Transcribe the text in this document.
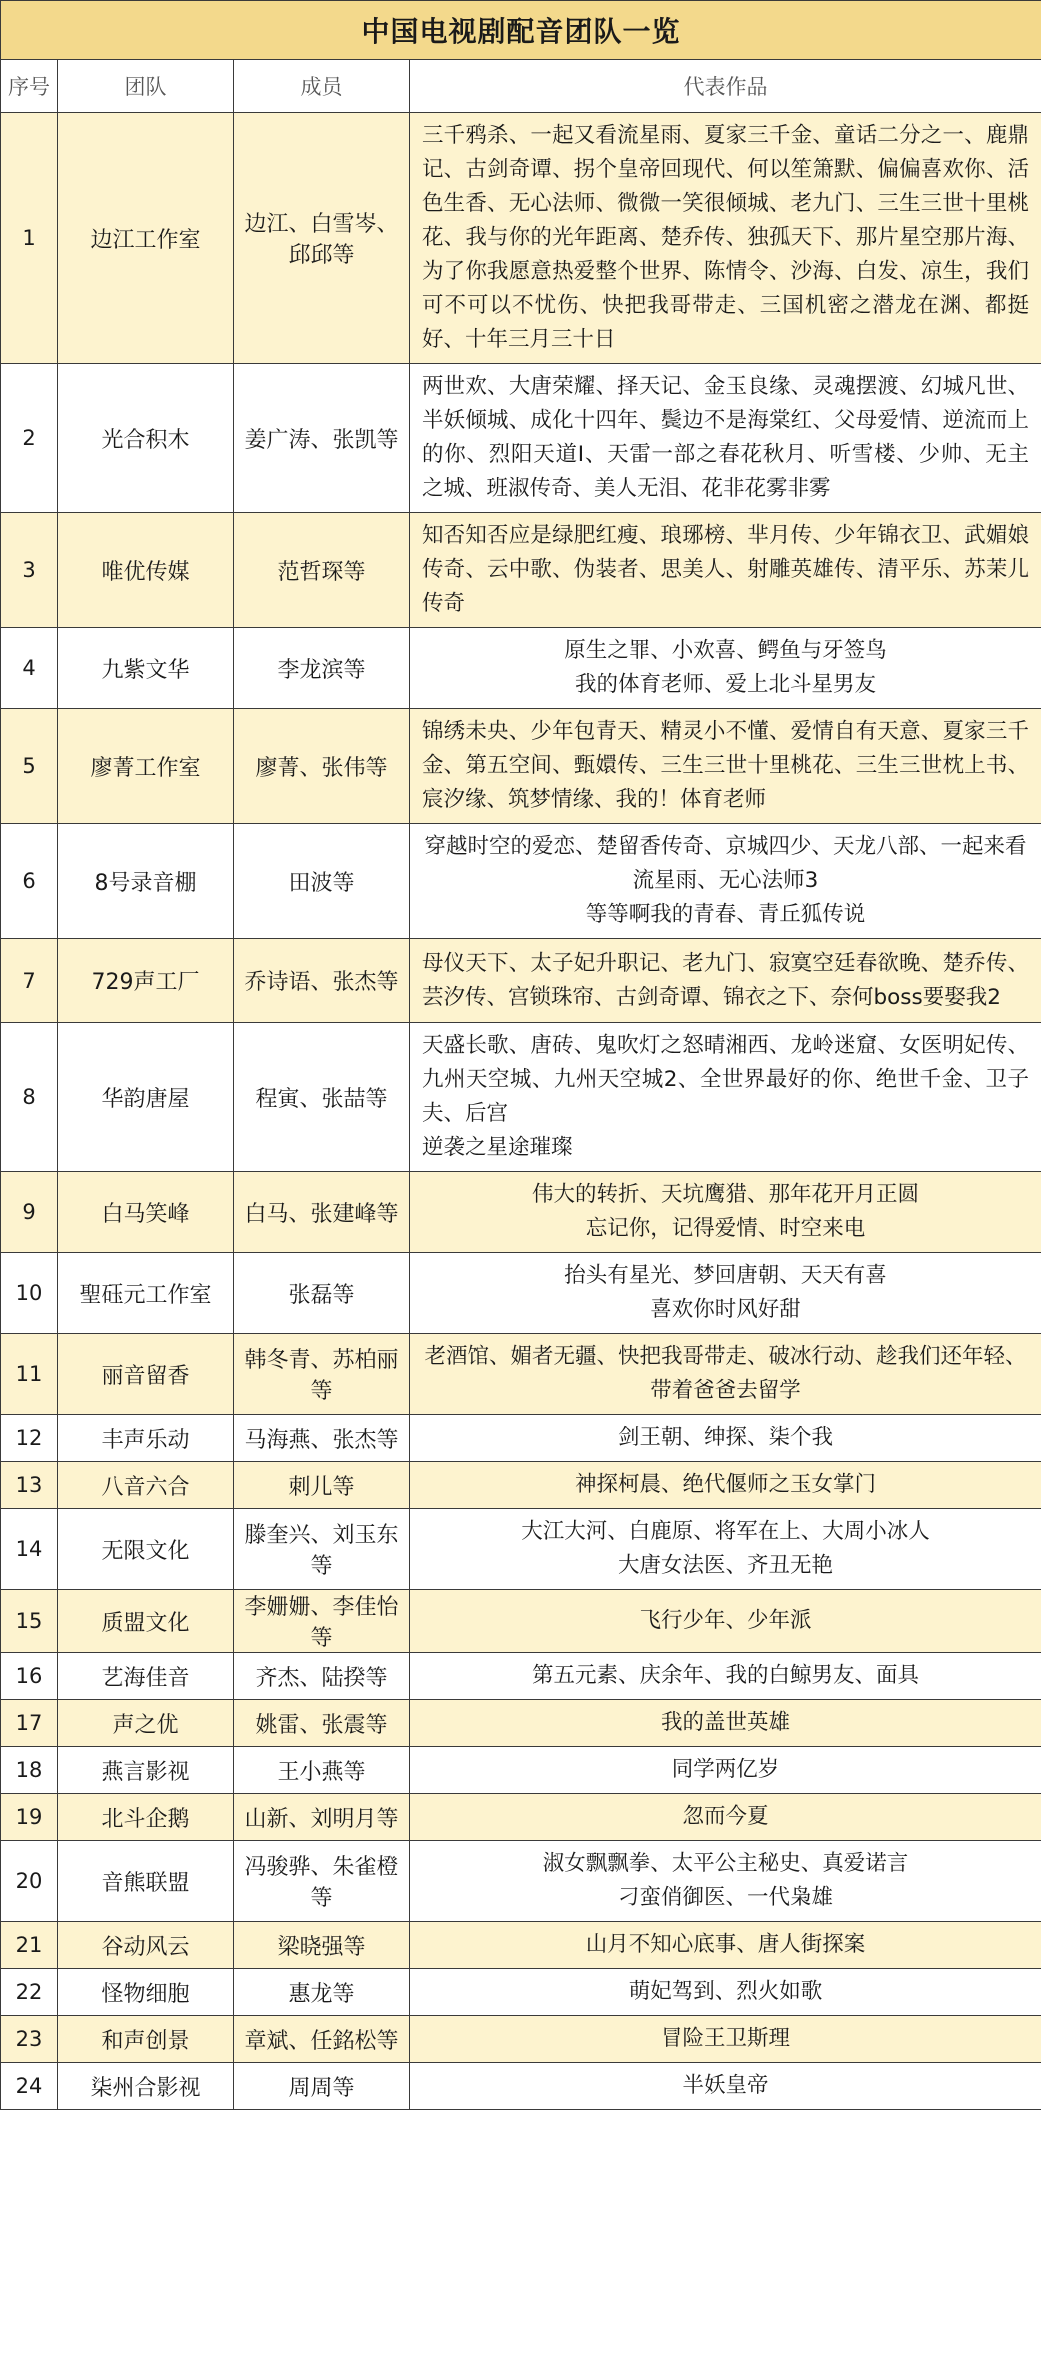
中国电视剧配音团队一览			
序号	团队	成员	代表作品
1	边江工作室	边江、白雪岑、邱邱等	三千鸦杀、一起又看流星雨、夏家三千金、童话二分之一、鹿鼎记、古剑奇谭、拐个皇帝回现代、何以笙箫默、偏偏喜欢你、活色生香、无心法师、微微一笑很倾城、老九门、三生三世十里桃花、我与你的光年距离、楚乔传、独孤天下、那片星空那片海、为了你我愿意热爱整个世界、陈情令、沙海、白发、凉生，我们可不可以不忧伤、快把我哥带走、三国机密之潜龙在渊、都挺好、十年三月三十日
2	光合积木	姜广涛、张凯等	两世欢、大唐荣耀、择天记、金玉良缘、灵魂摆渡、幻城凡世、半妖倾城、成化十四年、鬓边不是海棠红、父母爱情、逆流而上的你、烈阳天道Ⅰ、天雷一部之春花秋月、听雪楼、少帅、无主之城、班淑传奇、美人无泪、花非花雾非雾
3	唯优传媒	范哲琛等	知否知否应是绿肥红瘦、琅琊榜、芈月传、少年锦衣卫、武媚娘传奇、云中歌、伪装者、思美人、射雕英雄传、清平乐、苏茉儿传奇
4	九紫文华	李龙滨等	原生之罪、小欢喜、鳄鱼与牙签鸟
我的体育老师、爱上北斗星男友
5	廖菁工作室	廖菁、张伟等	锦绣未央、少年包青天、精灵小不懂、爱情自有天意、夏家三千金、第五空间、甄嬛传、三生三世十里桃花、三生三世枕上书、宸汐缘、筑梦情缘、我的！体育老师
6	8号录音棚	田波等	穿越时空的爱恋、楚留香传奇、京城四少、天龙八部、一起来看流星雨、无心法师3
等等啊我的青春、青丘狐传说
7	729声工厂	乔诗语、张杰等	母仪天下、太子妃升职记、老九门、寂寞空廷春欲晚、楚乔传、芸汐传、宫锁珠帘、古剑奇谭、锦衣之下、奈何boss要娶我2
8	华韵唐屋	程寅、张喆等	天盛长歌、唐砖、鬼吹灯之怒晴湘西、龙岭迷窟、女医明妃传、九州天空城、九州天空城2、全世界最好的你、绝世千金、卫子夫、后宫
逆袭之星途璀璨
9	白马笑峰	白马、张建峰等	伟大的转折、天坑鹰猎、那年花开月正圆
忘记你，记得爱情、时空来电
10	聖砡元工作室	张磊等	抬头有星光、梦回唐朝、天天有喜
喜欢你时风好甜
11	丽音留香	韩冬青、苏柏丽等	老酒馆、媚者无疆、快把我哥带走、破冰行动、趁我们还年轻、带着爸爸去留学
12	丰声乐动	马海燕、张杰等	剑王朝、绅探、柒个我
13	八音六合	刺儿等	神探柯晨、绝代偃师之玉女掌门
14	无限文化	滕奎兴、刘玉东等	大江大河、白鹿原、将军在上、大周小冰人
大唐女法医、齐丑无艳
15	质盟文化	李姗姗、李佳怡等	飞行少年、少年派
16	艺海佳音	齐杰、陆揆等	第五元素、庆余年、我的白鲸男友、面具
17	声之优	姚雷、张震等	我的盖世英雄
18	燕言影视	王小燕等	同学两亿岁
19	北斗企鹅	山新、刘明月等	忽而今夏
20	音熊联盟	冯骏骅、朱雀橙等	淑女飘飘拳、太平公主秘史、真爱诺言
刁蛮俏御医、一代枭雄
21	谷动风云	梁晓强等	山月不知心底事、唐人街探案
22	怪物细胞	惠龙等	萌妃驾到、烈火如歌
23	和声创景	章斌、任銘松等	冒险王卫斯理
24	柒州合影视	周周等	半妖皇帝
